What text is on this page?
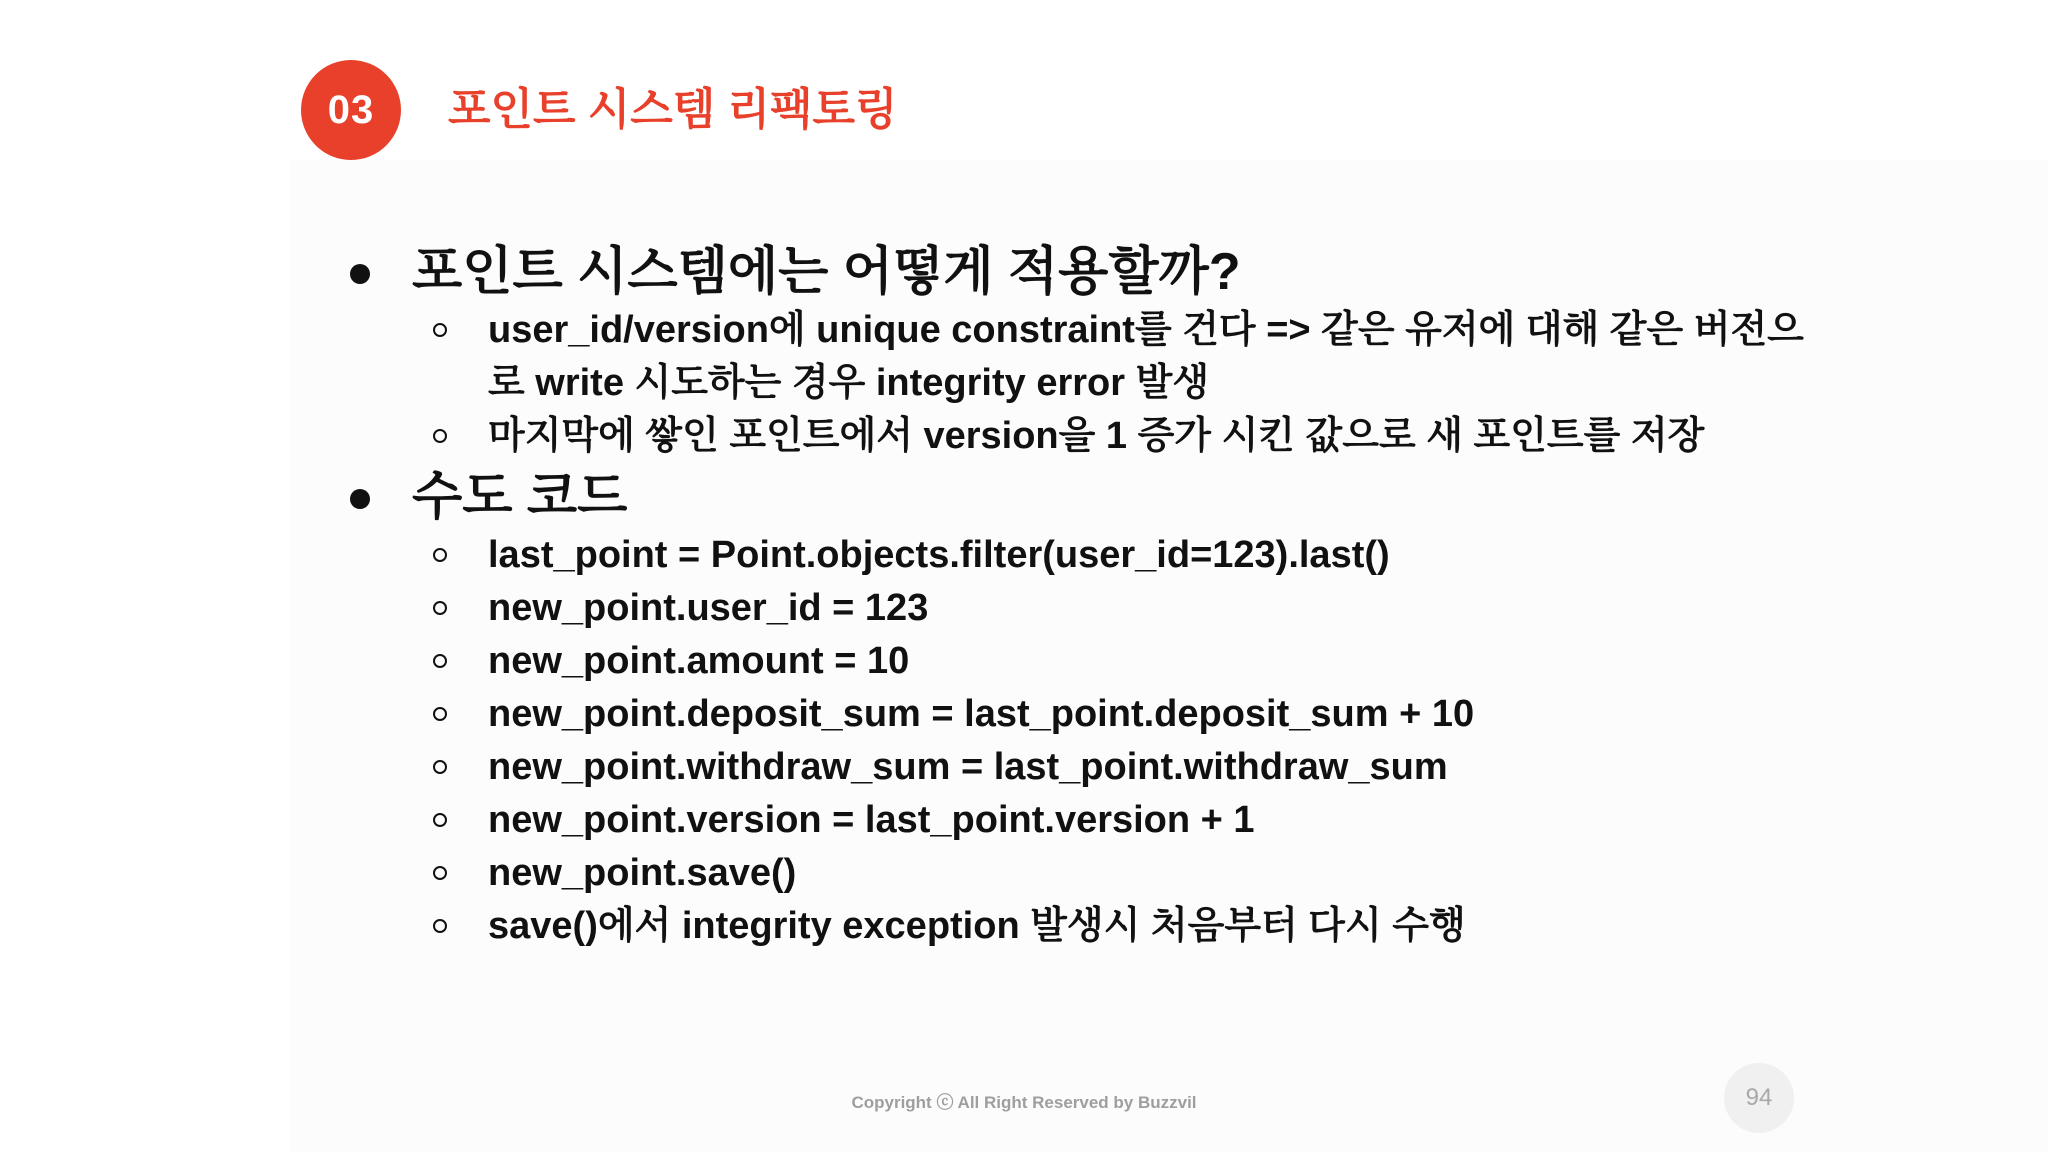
03	포인트 시스템 리팩토링
포인트 시스템에는 어떻게 적용할까?
user_id/version에 unique constraint를 건다 => 같은 유저에 대해 같은 버전으로 write 시도하는 경우 integrity error 발생
마지막에 쌓인 포인트에서 version을 1 증가 시킨 값으로 새 포인트를 저장
수도 코드
last_point = Point.objects.filter(user_id=123).last()
new_point.user_id = 123
new_point.amount = 10
new_point.deposit_sum = last_point.deposit_sum + 10
new_point.withdraw_sum = last_point.withdraw_sum
new_point.version = last_point.version + 1
new_point.save()
save()에서 integrity exception 발생시 처음부터 다시 수행
Copyright ⓒ All Right Reserved by Buzzvil	94
